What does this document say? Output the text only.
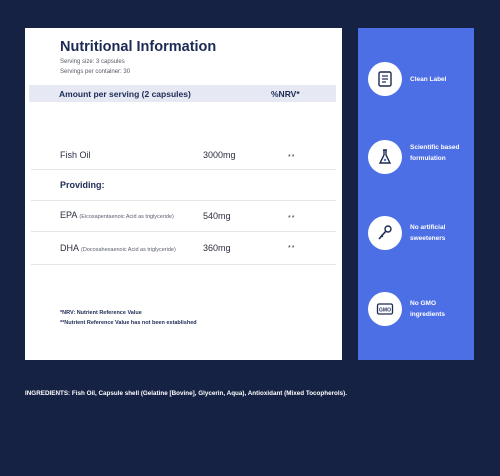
Nutritional Information
Serving size: 3 capsules
Servings per container: 30
Amount per serving (2 capsules)	%NRV*
Fish Oil	3000mg	**
Providing:
EPA (Eicosapentaenoic Acid as triglyceride)	540mg	**
DHA (Docosahexaenoic Acid as triglyceride)	360mg	**
*NRV: Nutrient Reference Value
**Nutrient Reference Value has not been established
Clean Label
Scientific based formulation
No artificial sweeteners
GMO
No GMO ingredients
INGREDIENTS: Fish Oil, Capsule shell (Gelatine [Bovine], Glycerin, Aqua), Antioxidant (Mixed Tocopherols).
